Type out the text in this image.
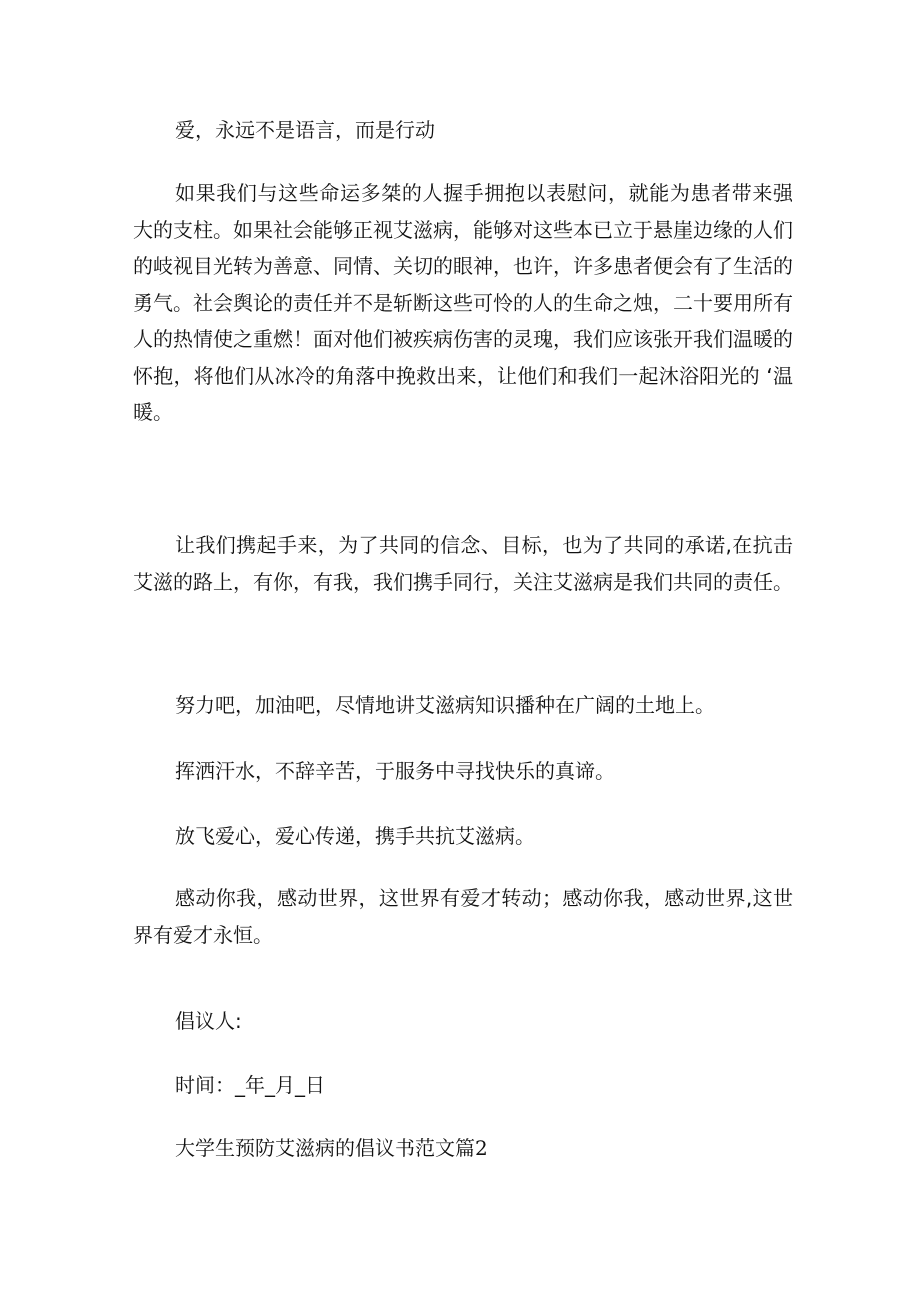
爱，永远不是语言，而是行动

如果我们与这些命运多桀的人握手拥抱以表慰问，就能为患者带来强大的支柱。如果社会能够正视艾滋病，能够对这些本已立于悬崖边缘的人们的岐视目光转为善意、同情、关切的眼神，也许，许多患者便会有了生活的勇气。社会舆论的责任并不是斩断这些可怜的人的生命之烛，二十要用所有人的热情使之重燃！面对他们被疾病伤害的灵瑰，我们应该张开我们温暖的怀抱，将他们从冰冷的角落中挽救出来，让他们和我们一起沐浴阳光的 ‘温暖。

让我们携起手来，为了共同的信念、目标，也为了共同的承诺,在抗击艾滋的路上，有你，有我，我们携手同行，关注艾滋病是我们共同的责任。

努力吧，加油吧，尽情地讲艾滋病知识播种在广阔的土地上。

挥洒汗水，不辞辛苦，于服务中寻找快乐的真谛。

放飞爱心，爱心传递，携手共抗艾滋病。

感动你我，感动世界，这世界有爱才转动；感动你我，感动世界,这世界有爱才永恒。

倡议人:

时间：_年_月_日

大学生预防艾滋病的倡议书范文篇2
